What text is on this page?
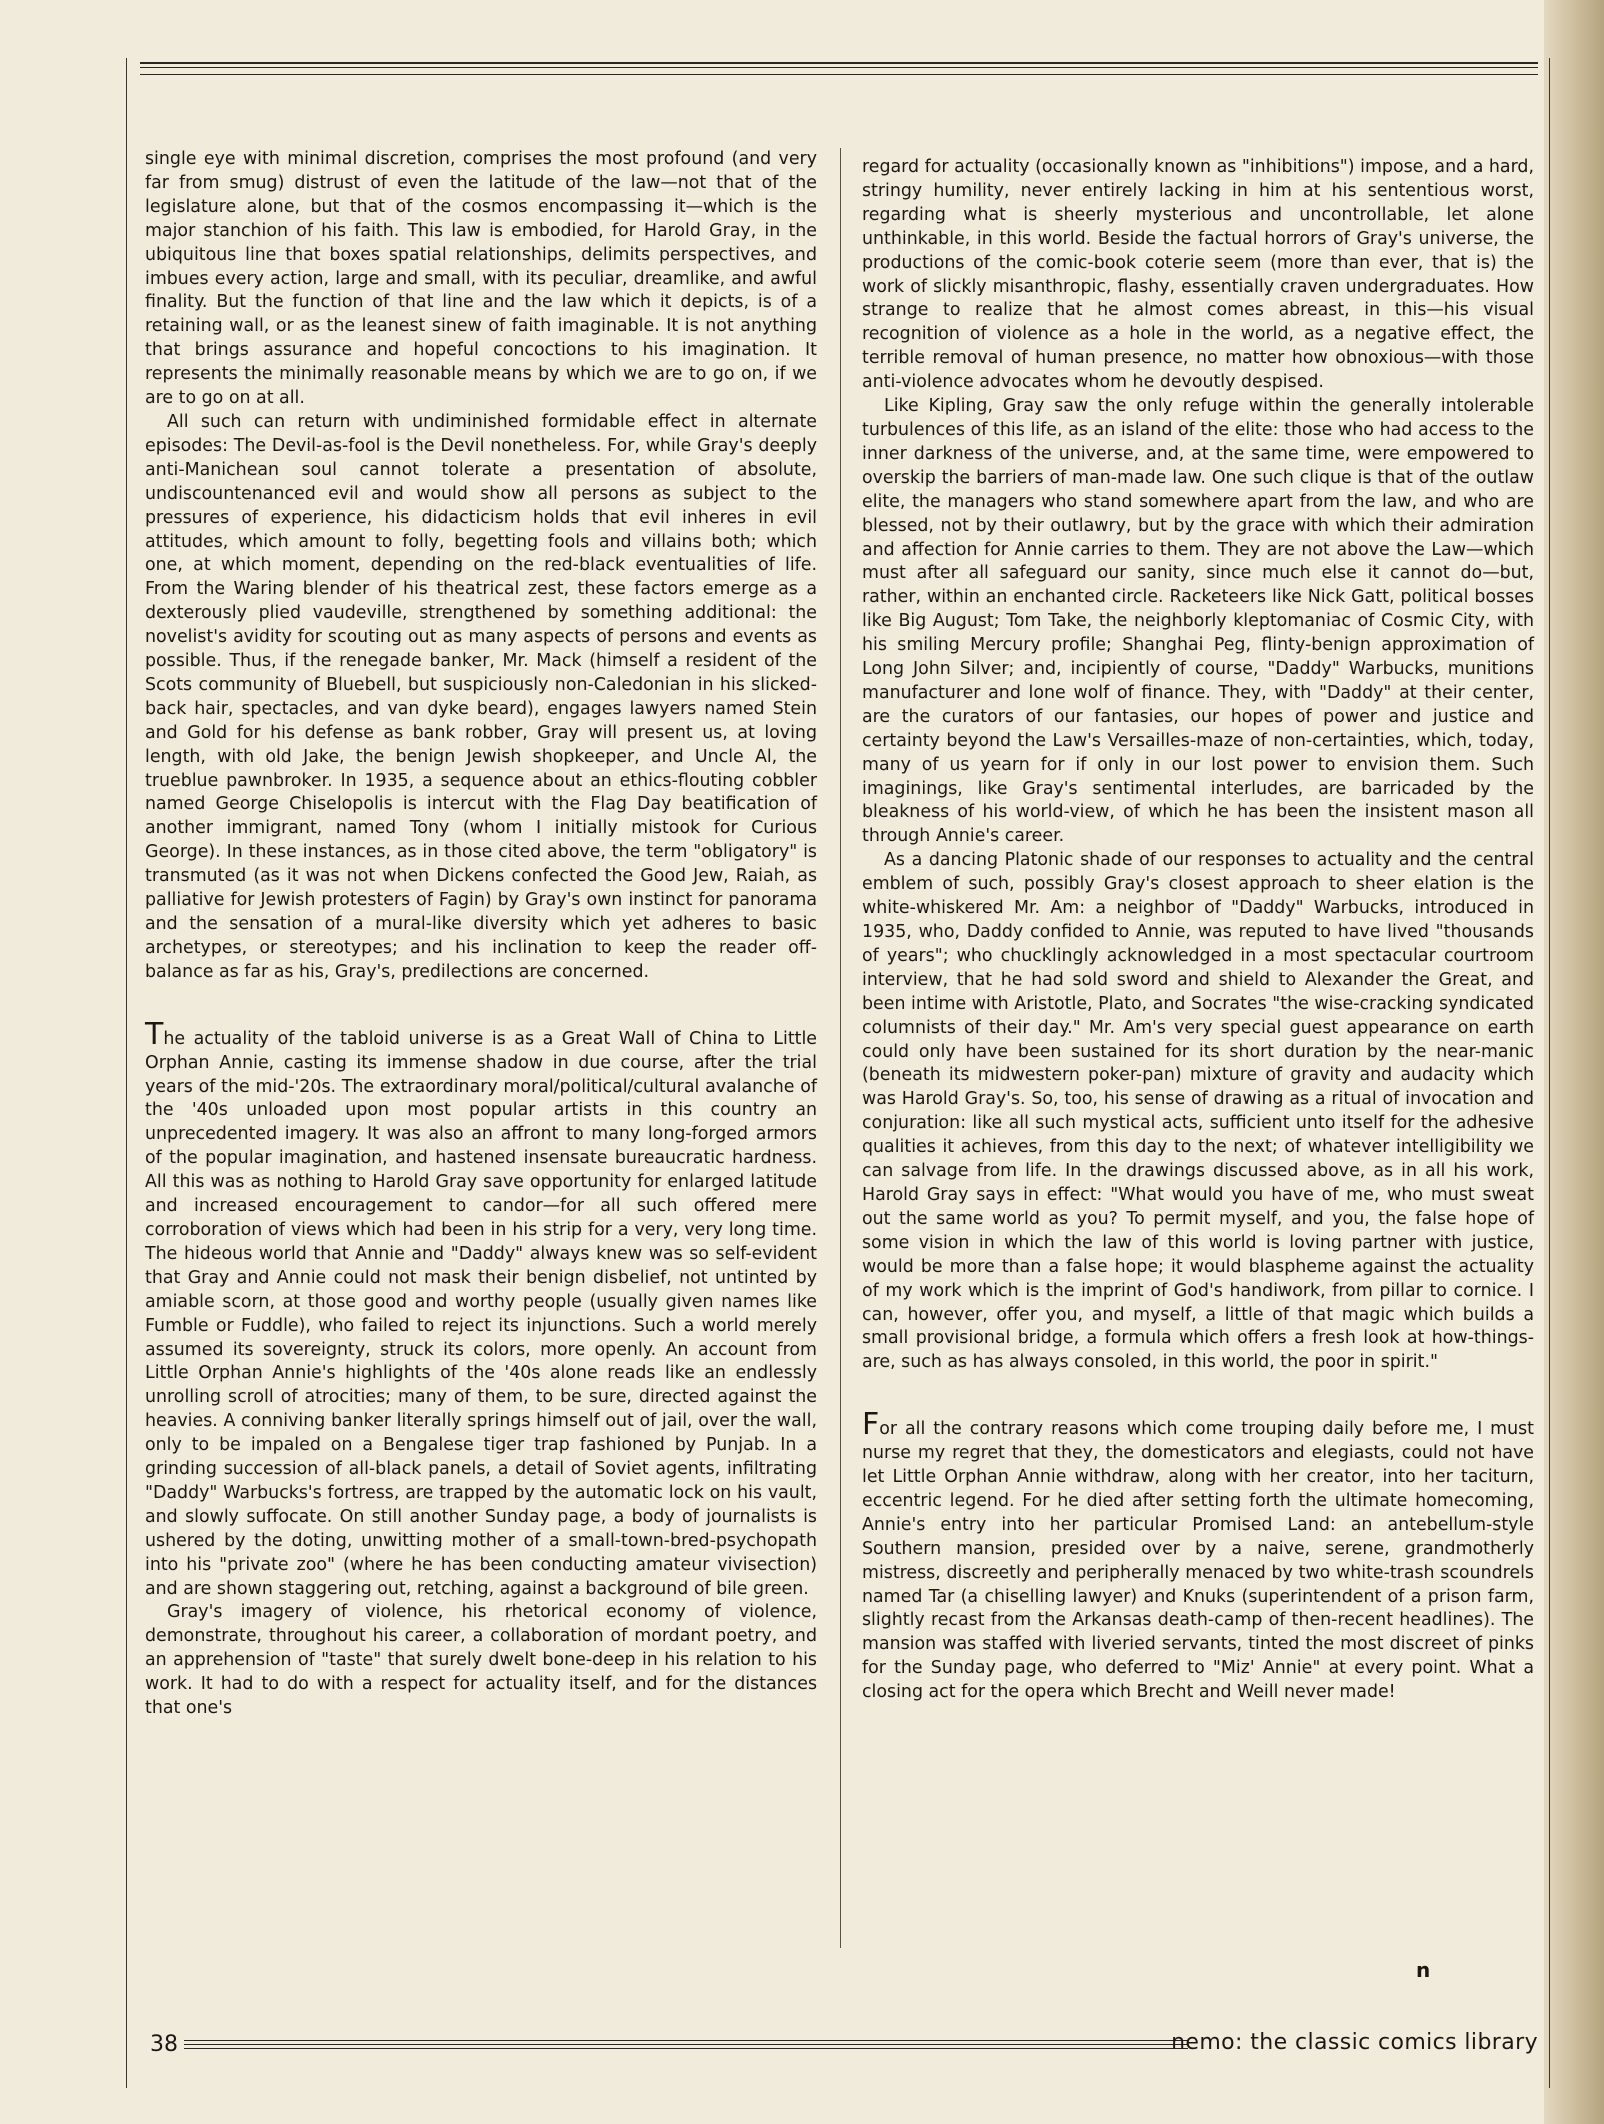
single eye with minimal discretion, comprises the most profound (and very far from smug) distrust of even the latitude of the law—not that of the legislature alone, but that of the cosmos encompassing it—which is the major stanchion of his faith. This law is embodied, for Harold Gray, in the ubiquitous line that boxes spatial relationships, delimits perspectives, and imbues every action, large and small, with its peculiar, dreamlike, and awful finality. But the function of that line and the law which it depicts, is of a retaining wall, or as the leanest sinew of faith imaginable. It is not anything that brings assurance and hopeful concoctions to his imagination. It represents the minimally reasonable means by which we are to go on, if we are to go on at all.

All such can return with undiminished formidable effect in alternate episodes: The Devil-as-fool is the Devil nonetheless. For, while Gray's deeply anti-Manichean soul cannot tolerate a presentation of absolute, undiscountenanced evil and would show all persons as subject to the pressures of experience, his didacticism holds that evil inheres in evil attitudes, which amount to folly, begetting fools and villains both; which one, at which moment, depending on the red-black eventualities of life. From the Waring blender of his theatrical zest, these factors emerge as a dexterously plied vaudeville, strengthened by something additional: the novelist's avidity for scouting out as many aspects of persons and events as possible. Thus, if the renegade banker, Mr. Mack (himself a resident of the Scots community of Bluebell, but suspiciously non-Caledonian in his slicked-back hair, spectacles, and van dyke beard), engages lawyers named Stein and Gold for his defense as bank robber, Gray will present us, at loving length, with old Jake, the benign Jewish shopkeeper, and Uncle Al, the trueblue pawnbroker. In 1935, a sequence about an ethics-flouting cobbler named George Chiselopolis is intercut with the Flag Day beatification of another immigrant, named Tony (whom I initially mistook for Curious George). In these instances, as in those cited above, the term "obligatory" is transmuted (as it was not when Dickens confected the Good Jew, Raiah, as palliative for Jewish protesters of Fagin) by Gray's own instinct for panorama and the sensation of a mural-like diversity which yet adheres to basic archetypes, or stereotypes; and his inclination to keep the reader off-balance as far as his, Gray's, predilections are concerned.

The actuality of the tabloid universe is as a Great Wall of China to Little Orphan Annie, casting its immense shadow in due course, after the trial years of the mid-'20s. The extraordinary moral/political/cultural avalanche of the '40s unloaded upon most popular artists in this country an unprecedented imagery. It was also an affront to many long-forged armors of the popular imagination, and hastened insensate bureaucratic hardness. All this was as nothing to Harold Gray save opportunity for enlarged latitude and increased encouragement to candor—for all such offered mere corroboration of views which had been in his strip for a very, very long time. The hideous world that Annie and "Daddy" always knew was so self-evident that Gray and Annie could not mask their benign disbelief, not untinted by amiable scorn, at those good and worthy people (usually given names like Fumble or Fuddle), who failed to reject its injunctions. Such a world merely assumed its sovereignty, struck its colors, more openly. An account from Little Orphan Annie's highlights of the '40s alone reads like an endlessly unrolling scroll of atrocities; many of them, to be sure, directed against the heavies. A conniving banker literally springs himself out of jail, over the wall, only to be impaled on a Bengalese tiger trap fashioned by Punjab. In a grinding succession of all-black panels, a detail of Soviet agents, infiltrating "Daddy" Warbucks's fortress, are trapped by the automatic lock on his vault, and slowly suffocate. On still another Sunday page, a body of journalists is ushered by the doting, unwitting mother of a small-town-bred-psychopath into his "private zoo" (where he has been conducting amateur vivisection) and are shown staggering out, retching, against a background of bile green.

Gray's imagery of violence, his rhetorical economy of violence, demonstrate, throughout his career, a collaboration of mordant poetry, and an apprehension of "taste" that surely dwelt bone-deep in his relation to his work. It had to do with a respect for actuality itself, and for the distances that one's

regard for actuality (occasionally known as "inhibitions") impose, and a hard, stringy humility, never entirely lacking in him at his sententious worst, regarding what is sheerly mysterious and uncontrollable, let alone unthinkable, in this world. Beside the factual horrors of Gray's universe, the productions of the comic-book coterie seem (more than ever, that is) the work of slickly misanthropic, flashy, essentially craven undergraduates. How strange to realize that he almost comes abreast, in this—his visual recognition of violence as a hole in the world, as a negative effect, the terrible removal of human presence, no matter how obnoxious—with those anti-violence advocates whom he devoutly despised.

Like Kipling, Gray saw the only refuge within the generally intolerable turbulences of this life, as an island of the elite: those who had access to the inner darkness of the universe, and, at the same time, were empowered to overskip the barriers of man-made law. One such clique is that of the outlaw elite, the managers who stand somewhere apart from the law, and who are blessed, not by their outlawry, but by the grace with which their admiration and affection for Annie carries to them. They are not above the Law—which must after all safeguard our sanity, since much else it cannot do—but, rather, within an enchanted circle. Racketeers like Nick Gatt, political bosses like Big August; Tom Take, the neighborly kleptomaniac of Cosmic City, with his smiling Mercury profile; Shanghai Peg, flinty-benign approximation of Long John Silver; and, incipiently of course, "Daddy" Warbucks, munitions manufacturer and lone wolf of finance. They, with "Daddy" at their center, are the curators of our fantasies, our hopes of power and justice and certainty beyond the Law's Versailles-maze of non-certainties, which, today, many of us yearn for if only in our lost power to envision them. Such imaginings, like Gray's sentimental interludes, are barricaded by the bleakness of his world-view, of which he has been the insistent mason all through Annie's career.

As a dancing Platonic shade of our responses to actuality and the central emblem of such, possibly Gray's closest approach to sheer elation is the white-whiskered Mr. Am: a neighbor of "Daddy" Warbucks, introduced in 1935, who, Daddy confided to Annie, was reputed to have lived "thousands of years"; who chucklingly acknowledged in a most spectacular courtroom interview, that he had sold sword and shield to Alexander the Great, and been intime with Aristotle, Plato, and Socrates "the wise-cracking syndicated columnists of their day." Mr. Am's very special guest appearance on earth could only have been sustained for its short duration by the near-manic (beneath its midwestern poker-pan) mixture of gravity and audacity which was Harold Gray's. So, too, his sense of drawing as a ritual of invocation and conjuration: like all such mystical acts, sufficient unto itself for the adhesive qualities it achieves, from this day to the next; of whatever intelligibility we can salvage from life. In the drawings discussed above, as in all his work, Harold Gray says in effect: "What would you have of me, who must sweat out the same world as you? To permit myself, and you, the false hope of some vision in which the law of this world is loving partner with justice, would be more than a false hope; it would blaspheme against the actuality of my work which is the imprint of God's handiwork, from pillar to cornice. I can, however, offer you, and myself, a little of that magic which builds a small provisional bridge, a formula which offers a fresh look at how-things-are, such as has always consoled, in this world, the poor in spirit."

For all the contrary reasons which come trouping daily before me, I must nurse my regret that they, the domesticators and elegiasts, could not have let Little Orphan Annie withdraw, along with her creator, into her taciturn, eccentric legend. For he died after setting forth the ultimate homecoming, Annie's entry into her particular Promised Land: an antebellum-style Southern mansion, presided over by a naive, serene, grandmotherly mistress, discreetly and peripherally menaced by two white-trash scoundrels named Tar (a chiselling lawyer) and Knuks (superintendent of a prison farm, slightly recast from the Arkansas death-camp of then-recent headlines). The mansion was staffed with liveried servants, tinted the most discreet of pinks for the Sunday page, who deferred to "Miz' Annie" at every point. What a closing act for the opera which Brecht and Weill never made!

n
38	nemo: the classic comics library
